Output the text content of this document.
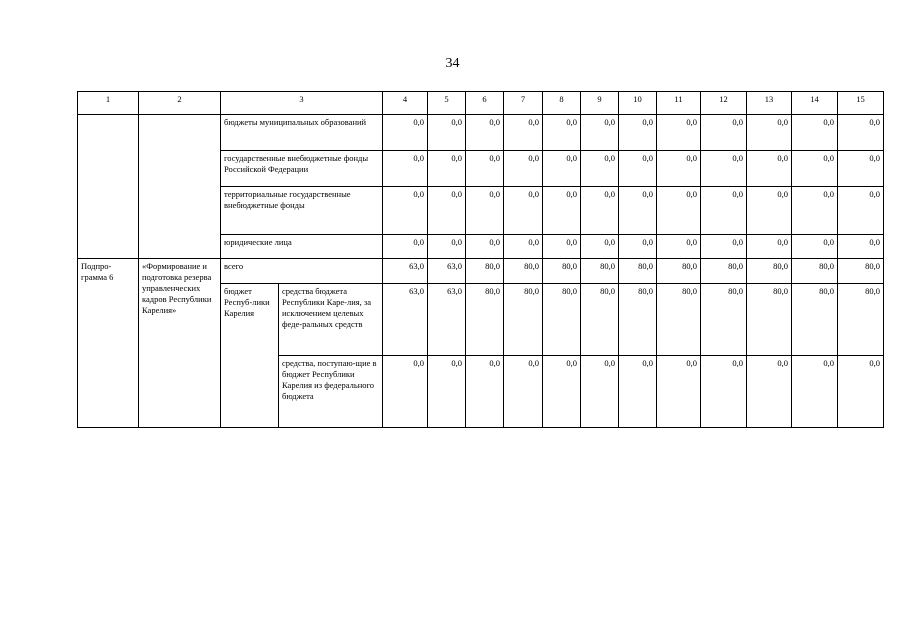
34
1	2	3		4	5	6	7	8	9	10	11	12	13	14	15
		бюджеты муниципальных образований		0,0	0,0	0,0	0,0	0,0	0,0	0,0	0,0	0,0	0,0	0,0	0,0
		государственные внебюджетные фонды Российской Федерации		0,0	0,0	0,0	0,0	0,0	0,0	0,0	0,0	0,0	0,0	0,0	0,0
		территориальные государственные внебюджетные фонды		0,0	0,0	0,0	0,0	0,0	0,0	0,0	0,0	0,0	0,0	0,0	0,0
		юридические лица		0,0	0,0	0,0	0,0	0,0	0,0	0,0	0,0	0,0	0,0	0,0	0,0
Подпро-грамма 6	«Формирование и подготовка резерва управленческих кадров Республики Карелия»	всего		63,0	63,0	80,0	80,0	80,0	80,0	80,0	80,0	80,0	80,0	80,0	80,0
		бюджет Респуб-лики Карелия	средства бюджета Республики Каре-лия, за исключением целевых феде-ральных средств	63,0	63,0	80,0	80,0	80,0	80,0	80,0	80,0	80,0	80,0	80,0	80,0
			средства, поступаю-щие в бюджет Республики Карелия из федерального бюджета	0,0	0,0	0,0	0,0	0,0	0,0	0,0	0,0	0,0	0,0	0,0	0,0
